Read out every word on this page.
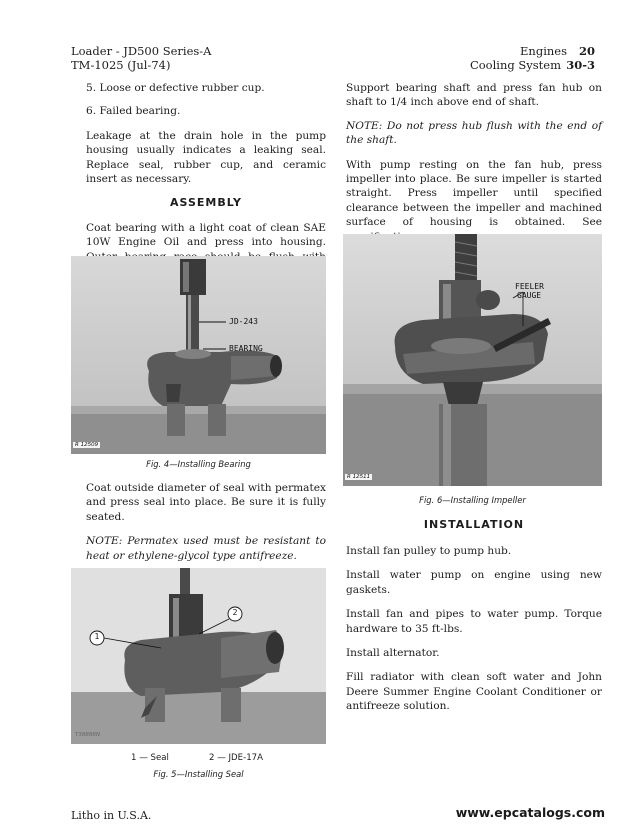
Loader - JD500 Series-A
TM-1025 (Jul-74)
Engines 20
Cooling System 30-3

5. Loose or defective rubber cup.

6. Failed bearing.

Leakage at the drain hole in the pump housing usually indicates a leaking seal. Replace seal, rubber cup, and ceramic insert as necessary.

ASSEMBLY

Coat bearing with a light coat of clean SAE 10W Engine Oil and press into housing.

JD-243
BEARING
R 12509
Fig. 4—Installing Bearing

Coat outside diameter of seal with permatex and press seal into place. Be sure it is fully seated.

NOTE: Permatex used must be resistant to heat or ethylene-glycol type antifreeze.

1
2
T38888N
1 — Seal	2 — JDE-17A
Fig. 5—Installing Seal

Support bearing shaft and press fan hub on shaft to 1/4 inch above end of shaft.

NOTE: Do not press hub flush with the end of the shaft.

With pump resting on the fan hub, press impeller into place. Be sure impeller is started straight. Press impeller until specified clearance between the impeller and machined surface of housing is obtained. See

FEELER
GAUGE
R 12511
Fig. 6—Installing Impeller
INSTALLATION

Install fan pulley to pump hub.

Install water pump on engine using new gaskets.

Install fan and pipes to water pump. Torque hardware to 35 ft-lbs.

Install alternator.

Fill radiator with clean soft water and John Deere Summer Engine Coolant Conditioner or antifreeze solution.

Litho in U.S.A.	www.epcatalogs.com
